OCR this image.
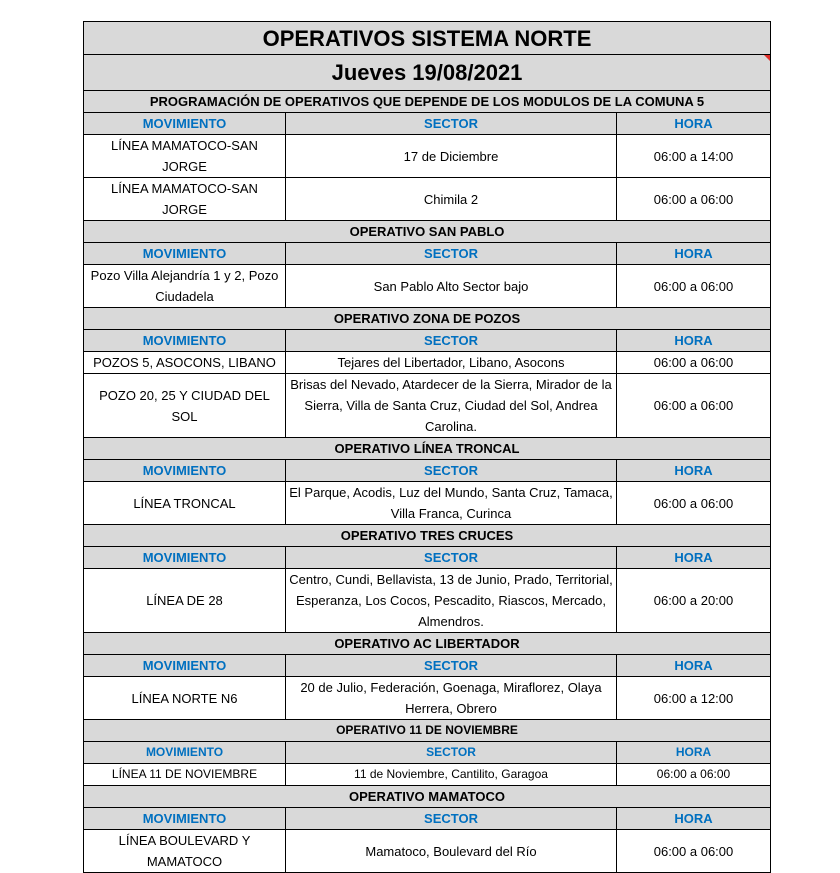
OPERATIVOS SISTEMA NORTE		
Jueves 19/08/2021		
PROGRAMACIÓN DE OPERATIVOS QUE DEPENDE DE LOS MODULOS DE LA COMUNA 5		
MOVIMIENTO	SECTOR	HORA
LÍNEA MAMATOCO-SAN JORGE	17 de Diciembre	06:00 a 14:00
LÍNEA MAMATOCO-SAN JORGE	Chimila 2	06:00 a 06:00
OPERATIVO SAN PABLO		
MOVIMIENTO	SECTOR	HORA
Pozo Villa Alejandría 1 y 2, Pozo Ciudadela	San Pablo Alto Sector bajo	06:00 a 06:00
OPERATIVO ZONA DE POZOS		
MOVIMIENTO	SECTOR	HORA
POZOS 5, ASOCONS, LIBANO	Tejares del Libertador, Libano, Asocons	06:00 a 06:00
POZO 20, 25 Y CIUDAD DEL SOL	Brisas del Nevado, Atardecer de la Sierra, Mirador de la Sierra, Villa de Santa Cruz, Ciudad del Sol, Andrea Carolina.	06:00 a 06:00
OPERATIVO LÍNEA TRONCAL		
MOVIMIENTO	SECTOR	HORA
LÍNEA TRONCAL	El Parque, Acodis, Luz del Mundo, Santa Cruz, Tamaca, Villa Franca, Curinca	06:00 a 06:00
OPERATIVO TRES CRUCES		
MOVIMIENTO	SECTOR	HORA
LÍNEA DE 28	Centro, Cundi, Bellavista, 13 de Junio, Prado, Territorial, Esperanza, Los Cocos, Pescadito, Riascos, Mercado, Almendros.	06:00 a 20:00
OPERATIVO AC LIBERTADOR		
MOVIMIENTO	SECTOR	HORA
LÍNEA NORTE N6	20 de Julio, Federación, Goenaga, Miraflorez, Olaya Herrera, Obrero	06:00 a 12:00
OPERATIVO 11 DE NOVIEMBRE		
MOVIMIENTO	SECTOR	HORA
LÍNEA 11 DE NOVIEMBRE	11 de Noviembre, Cantilito, Garagoa	06:00 a 06:00
OPERATIVO MAMATOCO		
MOVIMIENTO	SECTOR	HORA
LÍNEA BOULEVARD Y MAMATOCO	Mamatoco, Boulevard del Río	06:00 a 06:00
